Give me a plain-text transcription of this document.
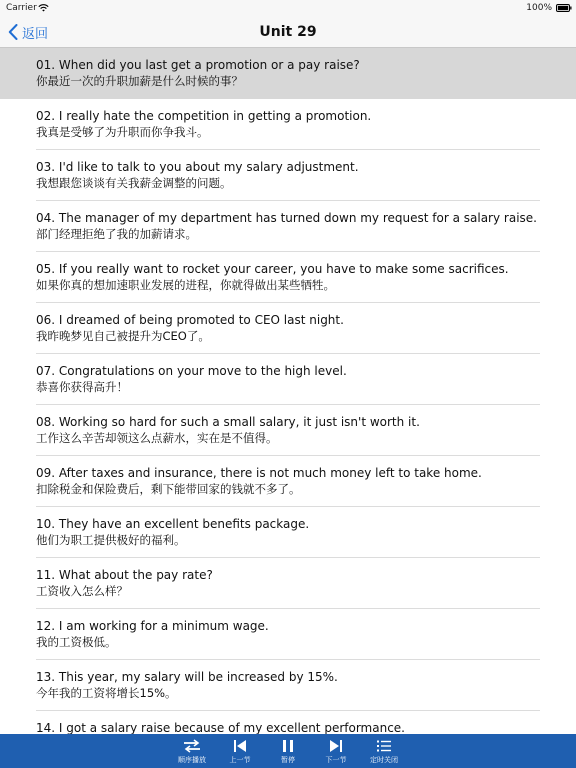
Carrier	100%
返回	Unit 29
01. When did you last get a promotion or a pay raise?
你最近一次的升职加薪是什么时候的事？
02. I really hate the competition in getting a promotion.
我真是受够了为升职而你争我斗。
03. I'd like to talk to you about my salary adjustment.
我想跟您谈谈有关我薪金调整的问题。
04. The manager of my department has turned down my request for a salary raise.
部门经理拒绝了我的加薪请求。
05. If you really want to rocket your career, you have to make some sacrifices.
如果你真的想加速职业发展的进程，你就得做出某些牺牲。
06. I dreamed of being promoted to CEO last night.
我昨晚梦见自己被提升为CEO了。
07. Congratulations on your move to the high level.
恭喜你获得高升！
08. Working so hard for such a small salary, it just isn't worth it.
工作这么辛苦却领这么点薪水，实在是不值得。
09. After taxes and insurance, there is not much money left to take home.
扣除税金和保险费后，剩下能带回家的钱就不多了。
10. They have an excellent benefits package.
他们为职工提供极好的福利。
11. What about the pay rate?
工资收入怎么样？
12. I am working for a minimum wage.
我的工资极低。
13. This year, my salary will be increased by 15%.
今年我的工资将增长15%。
14. I got a salary raise because of my excellent performance.
顺序播放	上一节	暂停	下一节	定时关闭
